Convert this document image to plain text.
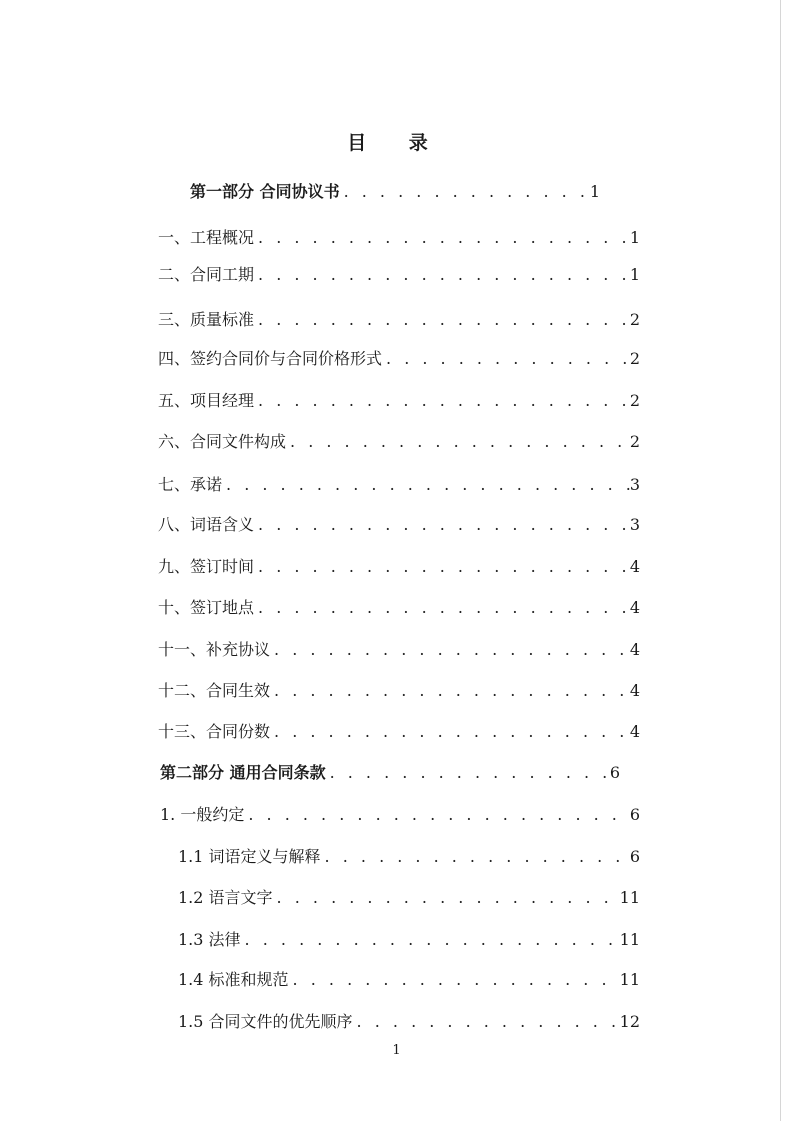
目 录
第一部分 合同协议书 . . .	1
一、工程概况 . . .	1
二、合同工期 . . .	1
三、质量标准 . . .	2
四、签约合同价与合同价格形式 . . .	2
五、项目经理 . . .	2
六、合同文件构成 . . .	2
七、承诺 . . .	3
八、词语含义 . . .	3
九、签订时间 . . .	4
十、签订地点 . . .	4
十一、补充协议 . . .	4
十二、合同生效 . . .	4
十三、合同份数 . . .	4
第二部分 通用合同条款 . . .	6
1. 一般约定 . . .	6
1.1 词语定义与解释 . . .	6
1.2 语言文字 . . .	11
1.3 法律 . . .	11
1.4 标准和规范 . . .	11
1.5 合同文件的优先顺序 . . .	12
1
